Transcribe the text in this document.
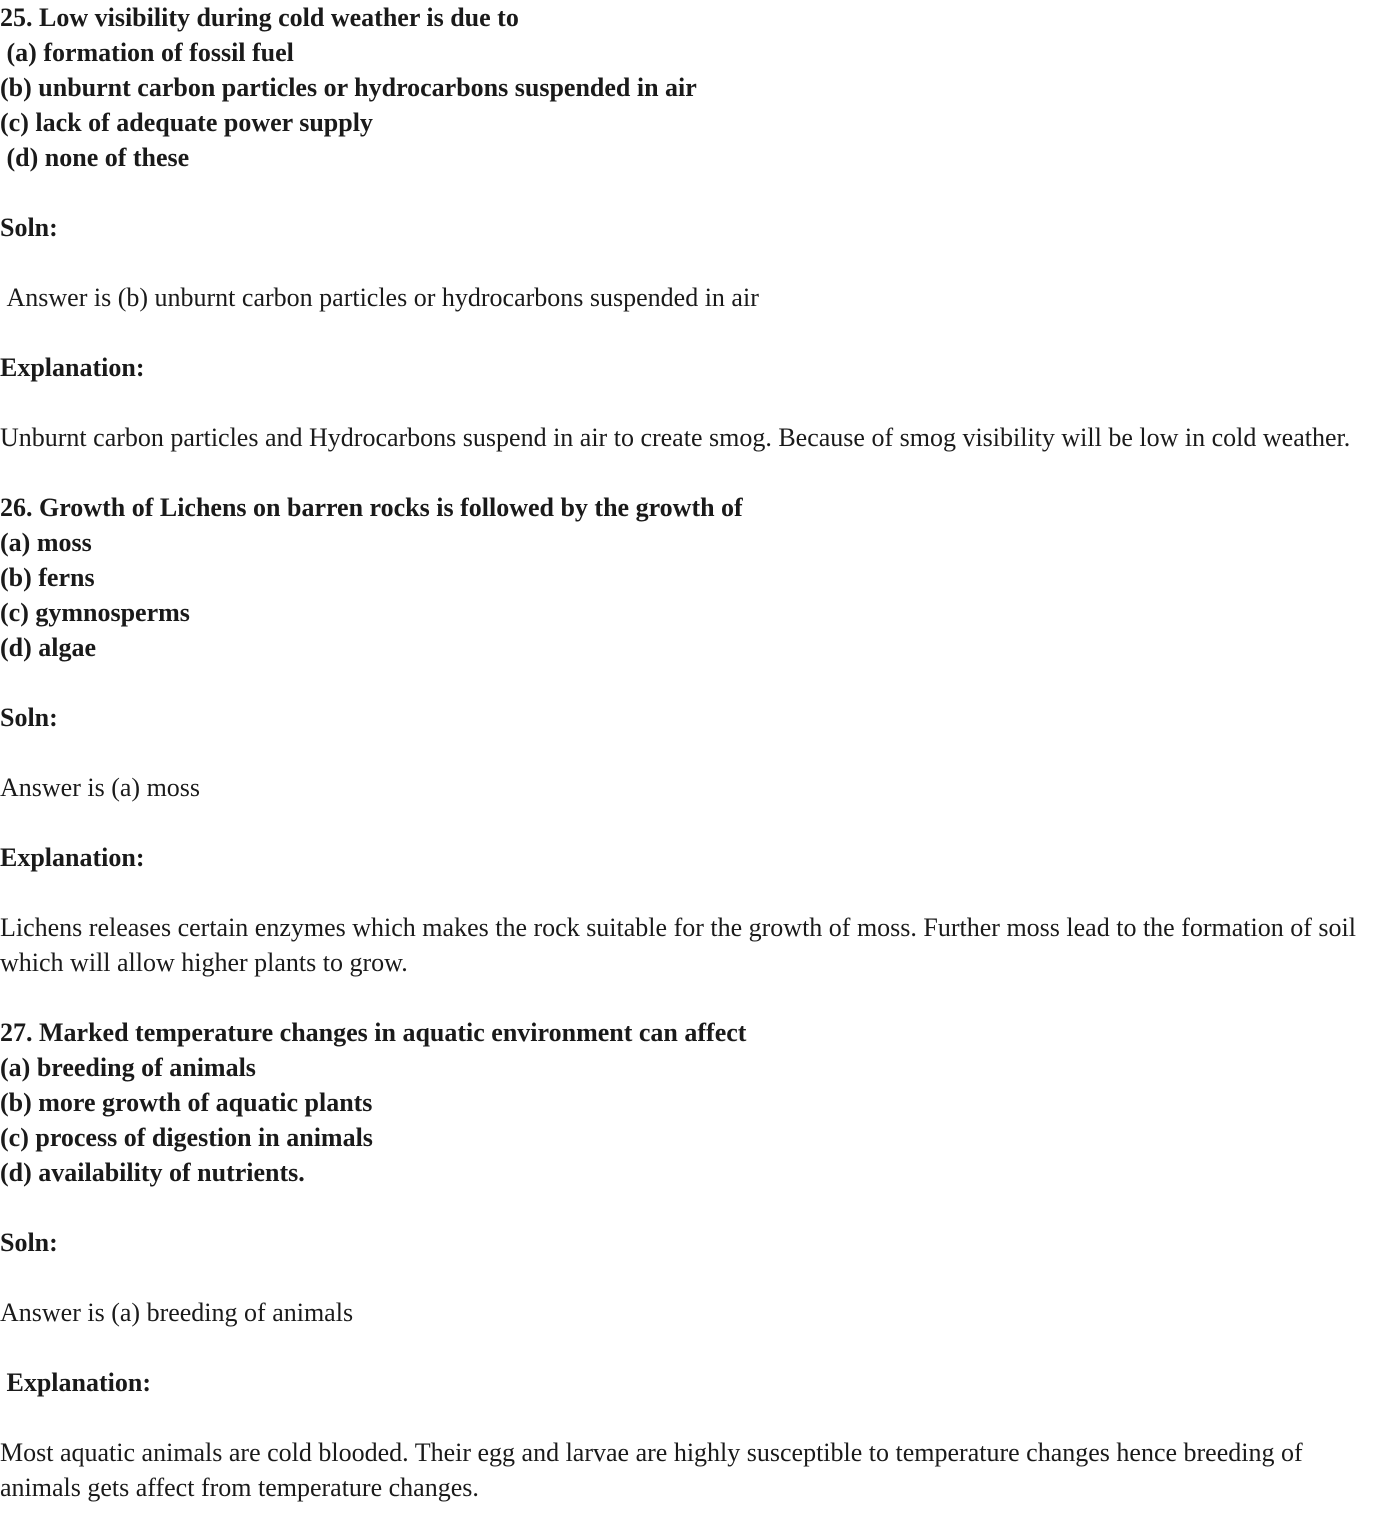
25. Low visibility during cold weather is due to
(a) formation of fossil fuel
(b) unburnt carbon particles or hydrocarbons suspended in air
(c) lack of adequate power supply
(d) none of these
Soln:
Answer is (b) unburnt carbon particles or hydrocarbons suspended in air
Explanation:
Unburnt carbon particles and Hydrocarbons suspend in air to create smog. Because of smog visibility will be low in cold weather.
26. Growth of Lichens on barren rocks is followed by the growth of
(a) moss
(b) ferns
(c) gymnosperms
(d) algae
Soln:
Answer is (a) moss
Explanation:
Lichens releases certain enzymes which makes the rock suitable for the growth of moss. Further moss lead to the formation of soil which will allow higher plants to grow.
27. Marked temperature changes in aquatic environment can affect
(a) breeding of animals
(b) more growth of aquatic plants
(c) process of digestion in animals
(d) availability of nutrients.
Soln:
Answer is (a) breeding of animals
Explanation:
Most aquatic animals are cold blooded. Their egg and larvae are highly susceptible to temperature changes hence breeding of animals gets affect from temperature changes.
